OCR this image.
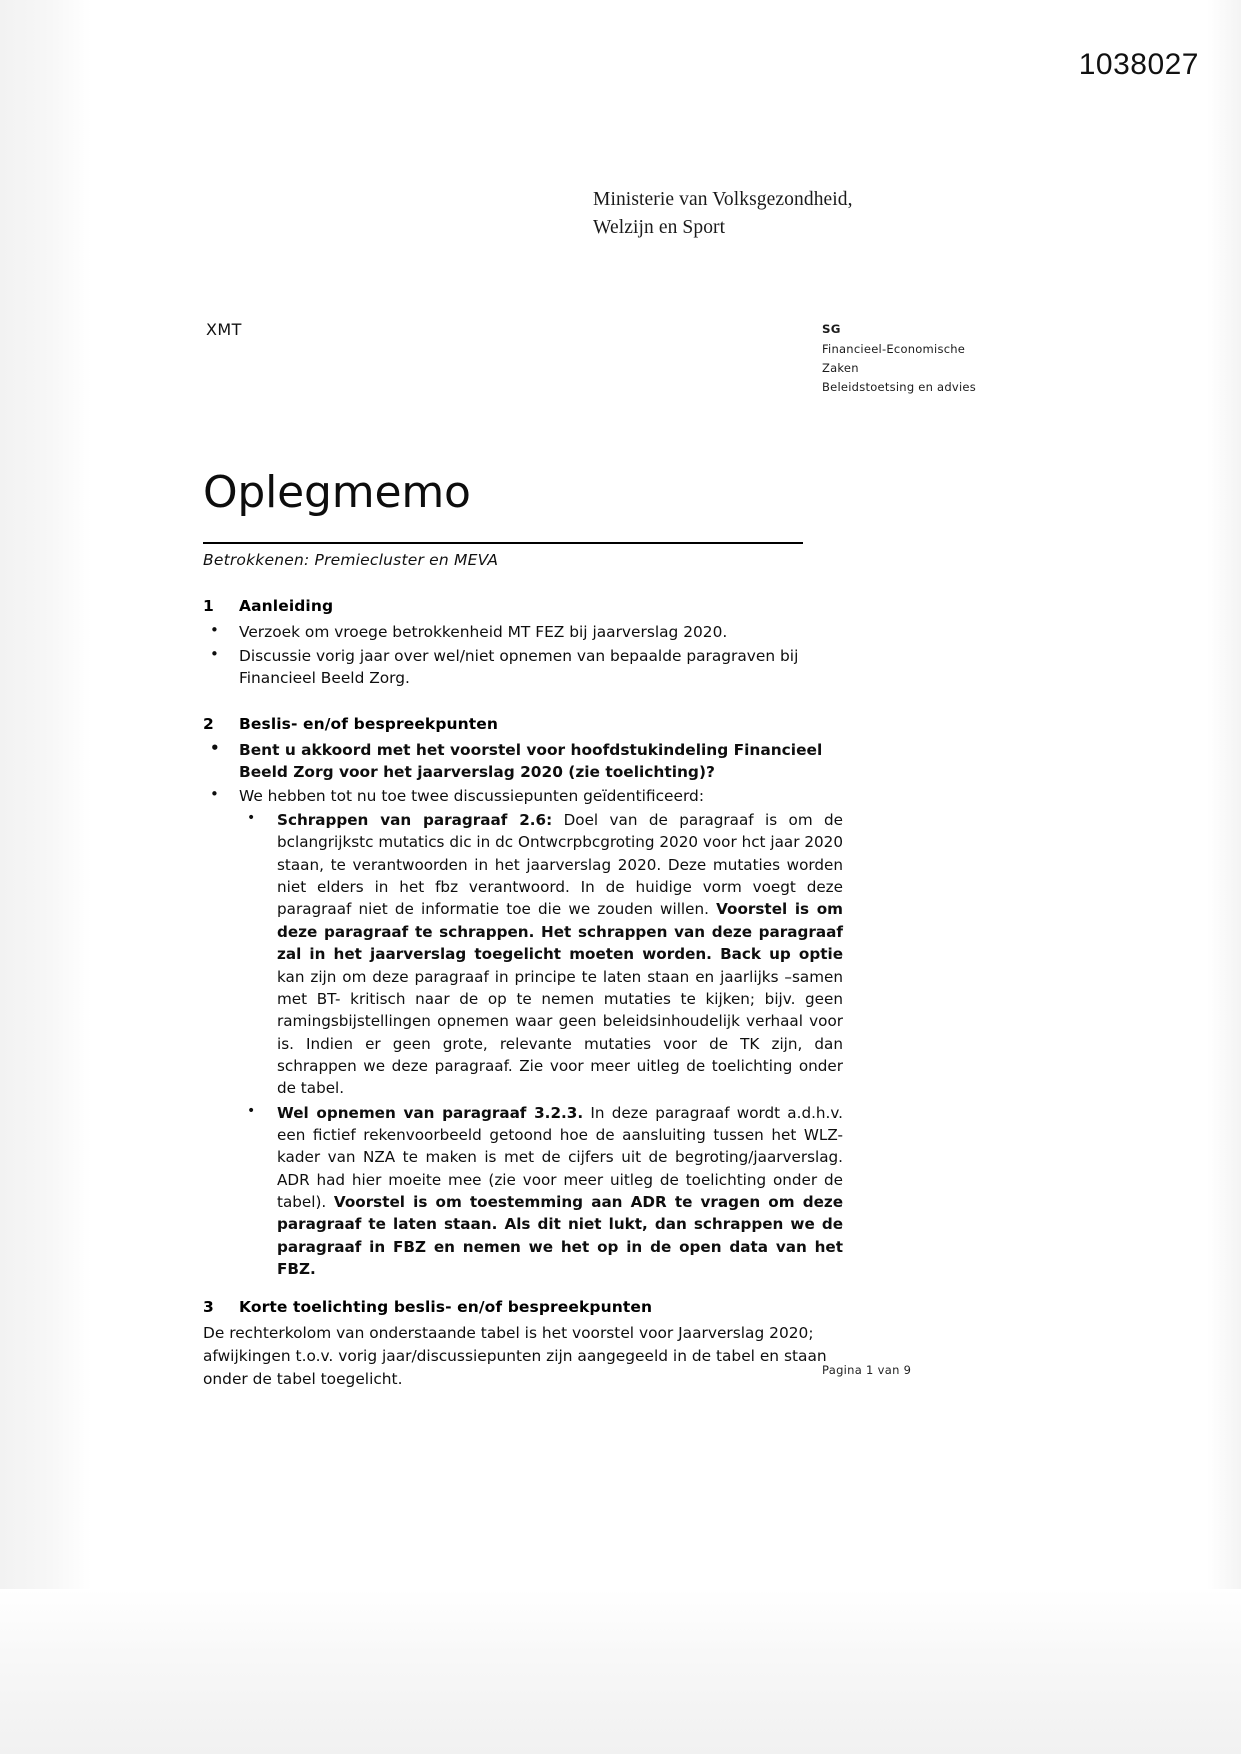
1038027
Ministerie van Volksgezondheid,
Welzijn en Sport
XMT	SG
Financieel-Economische
Zaken
Beleidstoetsing en advies
Oplegmemo
Betrokkenen: Premiecluster en MEVA
1	Aanleiding
• Verzoek om vroege betrokkenheid MT FEZ bij jaarverslag 2020.
• Discussie vorig jaar over wel/niet opnemen van bepaalde paragraven bij Financieel Beeld Zorg.
2	Beslis- en/of bespreekpunten
• Bent u akkoord met het voorstel voor hoofdstukindeling Financieel Beeld Zorg voor het jaarverslag 2020 (zie toelichting)?
• We hebben tot nu toe twee discussiepunten geïdentificeerd:
• Schrappen van paragraaf 2.6: Doel van de paragraaf is om de bclangrijkstc mutatics dic in dc Ontwcrpbcgroting 2020 voor hct jaar 2020 staan, te verantwoorden in het jaarverslag 2020. Deze mutaties worden niet elders in het fbz verantwoord. In de huidige vorm voegt deze paragraaf niet de informatie toe die we zouden willen. Voorstel is om deze paragraaf te schrappen. Het schrappen van deze paragraaf zal in het jaarverslag toegelicht moeten worden. Back up optie kan zijn om deze paragraaf in principe te laten staan en jaarlijks –samen met BT- kritisch naar de op te nemen mutaties te kijken; bijv. geen ramingsbijstellingen opnemen waar geen beleidsinhoudelijk verhaal voor is. Indien er geen grote, relevante mutaties voor de TK zijn, dan schrappen we deze paragraaf. Zie voor meer uitleg de toelichting onder de tabel.
• Wel opnemen van paragraaf 3.2.3. In deze paragraaf wordt a.d.h.v. een fictief rekenvoorbeeld getoond hoe de aansluiting tussen het WLZ-kader van NZA te maken is met de cijfers uit de begroting/jaarverslag. ADR had hier moeite mee (zie voor meer uitleg de toelichting onder de tabel). Voorstel is om toestemming aan ADR te vragen om deze paragraaf te laten staan. Als dit niet lukt, dan schrappen we de paragraaf in FBZ en nemen we het op in de open data van het FBZ.
3	Korte toelichting beslis- en/of bespreekpunten

De rechterkolom van onderstaande tabel is het voorstel voor Jaarverslag 2020; afwijkingen t.o.v. vorig jaar/discussiepunten zijn aangegeeld in de tabel en staan onder de tabel toegelicht.	Pagina 1 van 9
